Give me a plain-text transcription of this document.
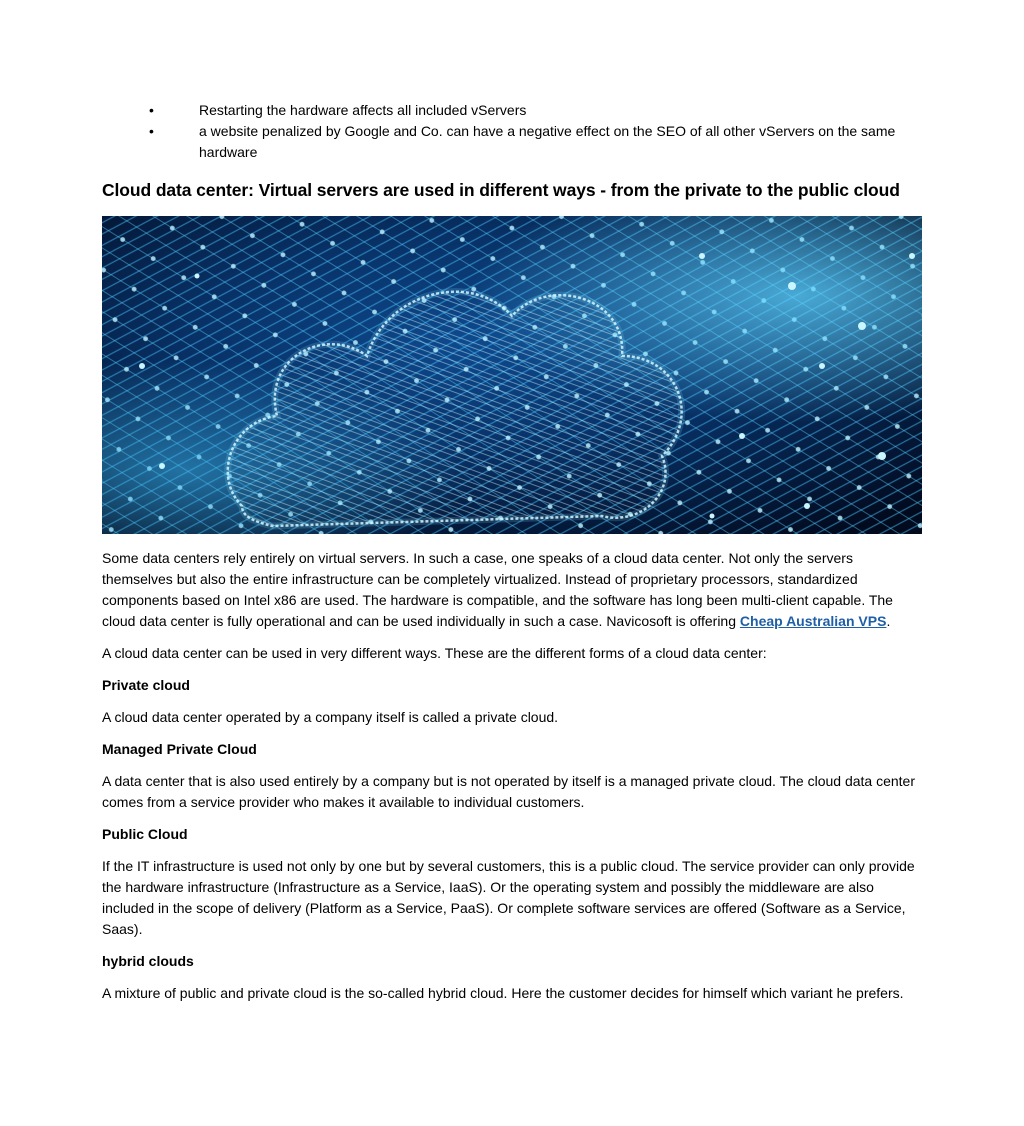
•	Restarting the hardware affects all included vServers
•	a website penalized by Google and Co. can have a negative effect on the SEO of all other vServers on the same hardware
Cloud data center: Virtual servers are used in different ways - from the private to the public cloud

Some data centers rely entirely on virtual servers. In such a case, one speaks of a cloud data center. Not only the servers themselves but also the entire infrastructure can be completely virtualized. Instead of proprietary processors, standardized components based on Intel x86 are used. The hardware is compatible, and the software has long been multi-client capable. The cloud data center is fully operational and can be used individually in such a case. Navicosoft is offering Cheap Australian VPS.

A cloud data center can be used in very different ways. These are the different forms of a cloud data center:

Private cloud

A cloud data center operated by a company itself is called a private cloud.

Managed Private Cloud

A data center that is also used entirely by a company but is not operated by itself is a managed private cloud. The cloud data center comes from a service provider who makes it available to individual customers.

Public Cloud

If the IT infrastructure is used not only by one but by several customers, this is a public cloud. The service provider can only provide the hardware infrastructure (Infrastructure as a Service, IaaS). Or the operating system and possibly the middleware are also included in the scope of delivery (Platform as a Service, PaaS). Or complete software services are offered (Software as a Service, Saas).

hybrid clouds

A mixture of public and private cloud is the so-called hybrid cloud. Here the customer decides for himself which variant he prefers.
